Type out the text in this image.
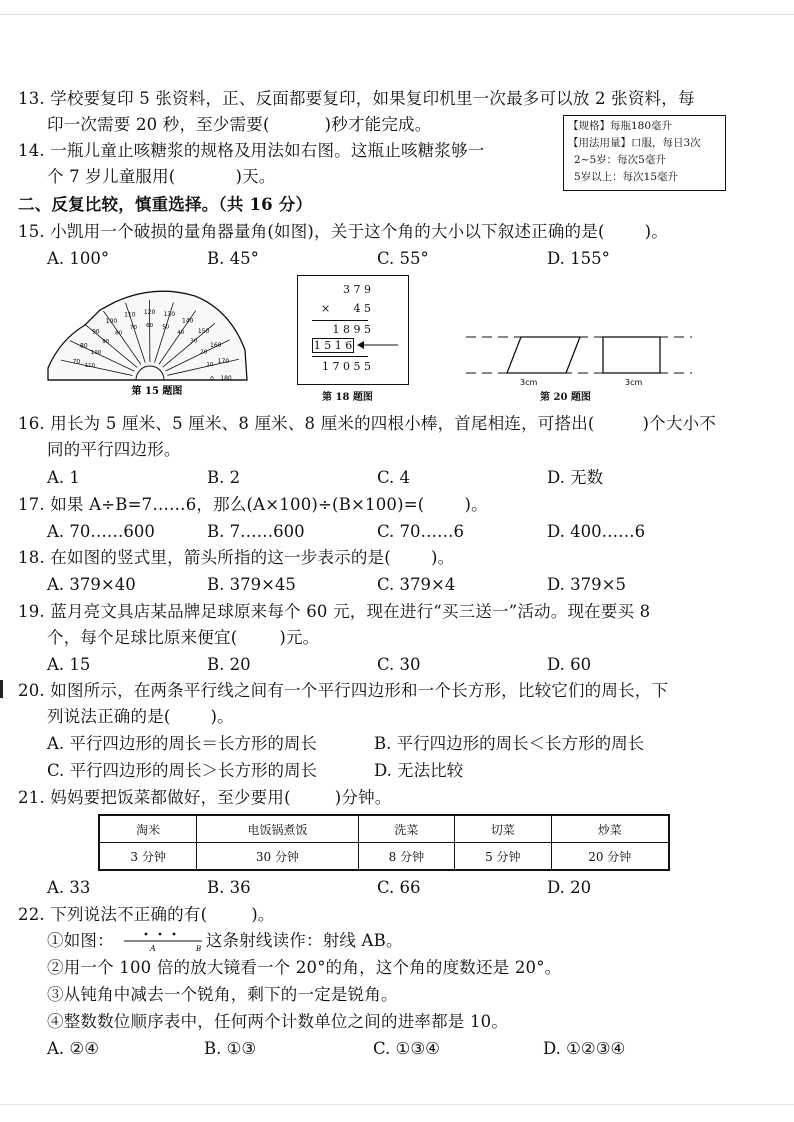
13. 学校要复印 5 张资料，正、反面都要复印，如果复印机里一次最多可以放 2 张资料，每
印一次需要 20 秒，至少需要(	)秒才能完成。	【规格】每瓶180毫升
【用法用量】口服，每日3次
2~5岁：每次5毫升
5岁以上：每次15毫升
14. 一瓶儿童止咳糖浆的规格及用法如右图。这瓶止咳糖浆够一
个 7 岁儿童服用(	)天。
二、反复比较，慎重选择。（共 16 分）
15. 小凯用一个破损的量角器量角(如图)，关于这个角的大小以下叙述正确的是( )。
A. 100°	B. 45°	C. 55°	D. 155°
70
80
90
100
110 120 130
140
150
160
170
180
110
100
90
80
70 60 50
40
30
20
10
0
第 15 题图
3 7 9
× 4 5
1 8 9 5
1 5 1 6
1 7 0 5 5
第 18 题图
3cm	3cm
第 20 题图
16. 用长为 5 厘米、5 厘米、8 厘米、8 厘米的四根小棒，首尾相连，可搭出(	)个大小不
同的平行四边形。
A. 1	B. 2	C. 4	D. 无数
17. 如果 A÷B=7……6，那么(A×100)÷(B×100)=( )。
A. 70……600	B. 7……600	C. 70……6	D. 400……6
18. 在如图的竖式里，箭头所指的这一步表示的是( )。
A. 379×40	B. 379×45	C. 379×4	D. 379×5
19. 蓝月亮文具店某品牌足球原来每个 60 元，现在进行“买三送一”活动。现在要买 8
个，每个足球比原来便宜(	)元。
A. 15	B. 20	C. 30	D. 60
20. 如图所示，在两条平行线之间有一个平行四边形和一个长方形，比较它们的周长，下
列说法正确的是( )。
A. 平行四边形的周长＝长方形的周长	B. 平行四边形的周长＜长方形的周长
C. 平行四边形的周长＞长方形的周长	D. 无法比较
21. 妈妈要把饭菜都做好，至少要用(	)分钟。
淘米	电饭锅煮饭	洗菜	切菜	炒菜
3 分钟	30 分钟	8 分钟	5 分钟	20 分钟
A. 33	B. 36	C. 66	D. 20
22. 下列说法不正确的有(	)。
①如图：	A	B 这条射线读作：射线 AB。
②用一个 100 倍的放大镜看一个 20°的角，这个角的度数还是 20°。
③从钝角中减去一个锐角，剩下的一定是锐角。
④整数数位顺序表中，任何两个计数单位之间的进率都是 10。
A. ②④	B. ①③	C. ①③④	D. ①②③④
